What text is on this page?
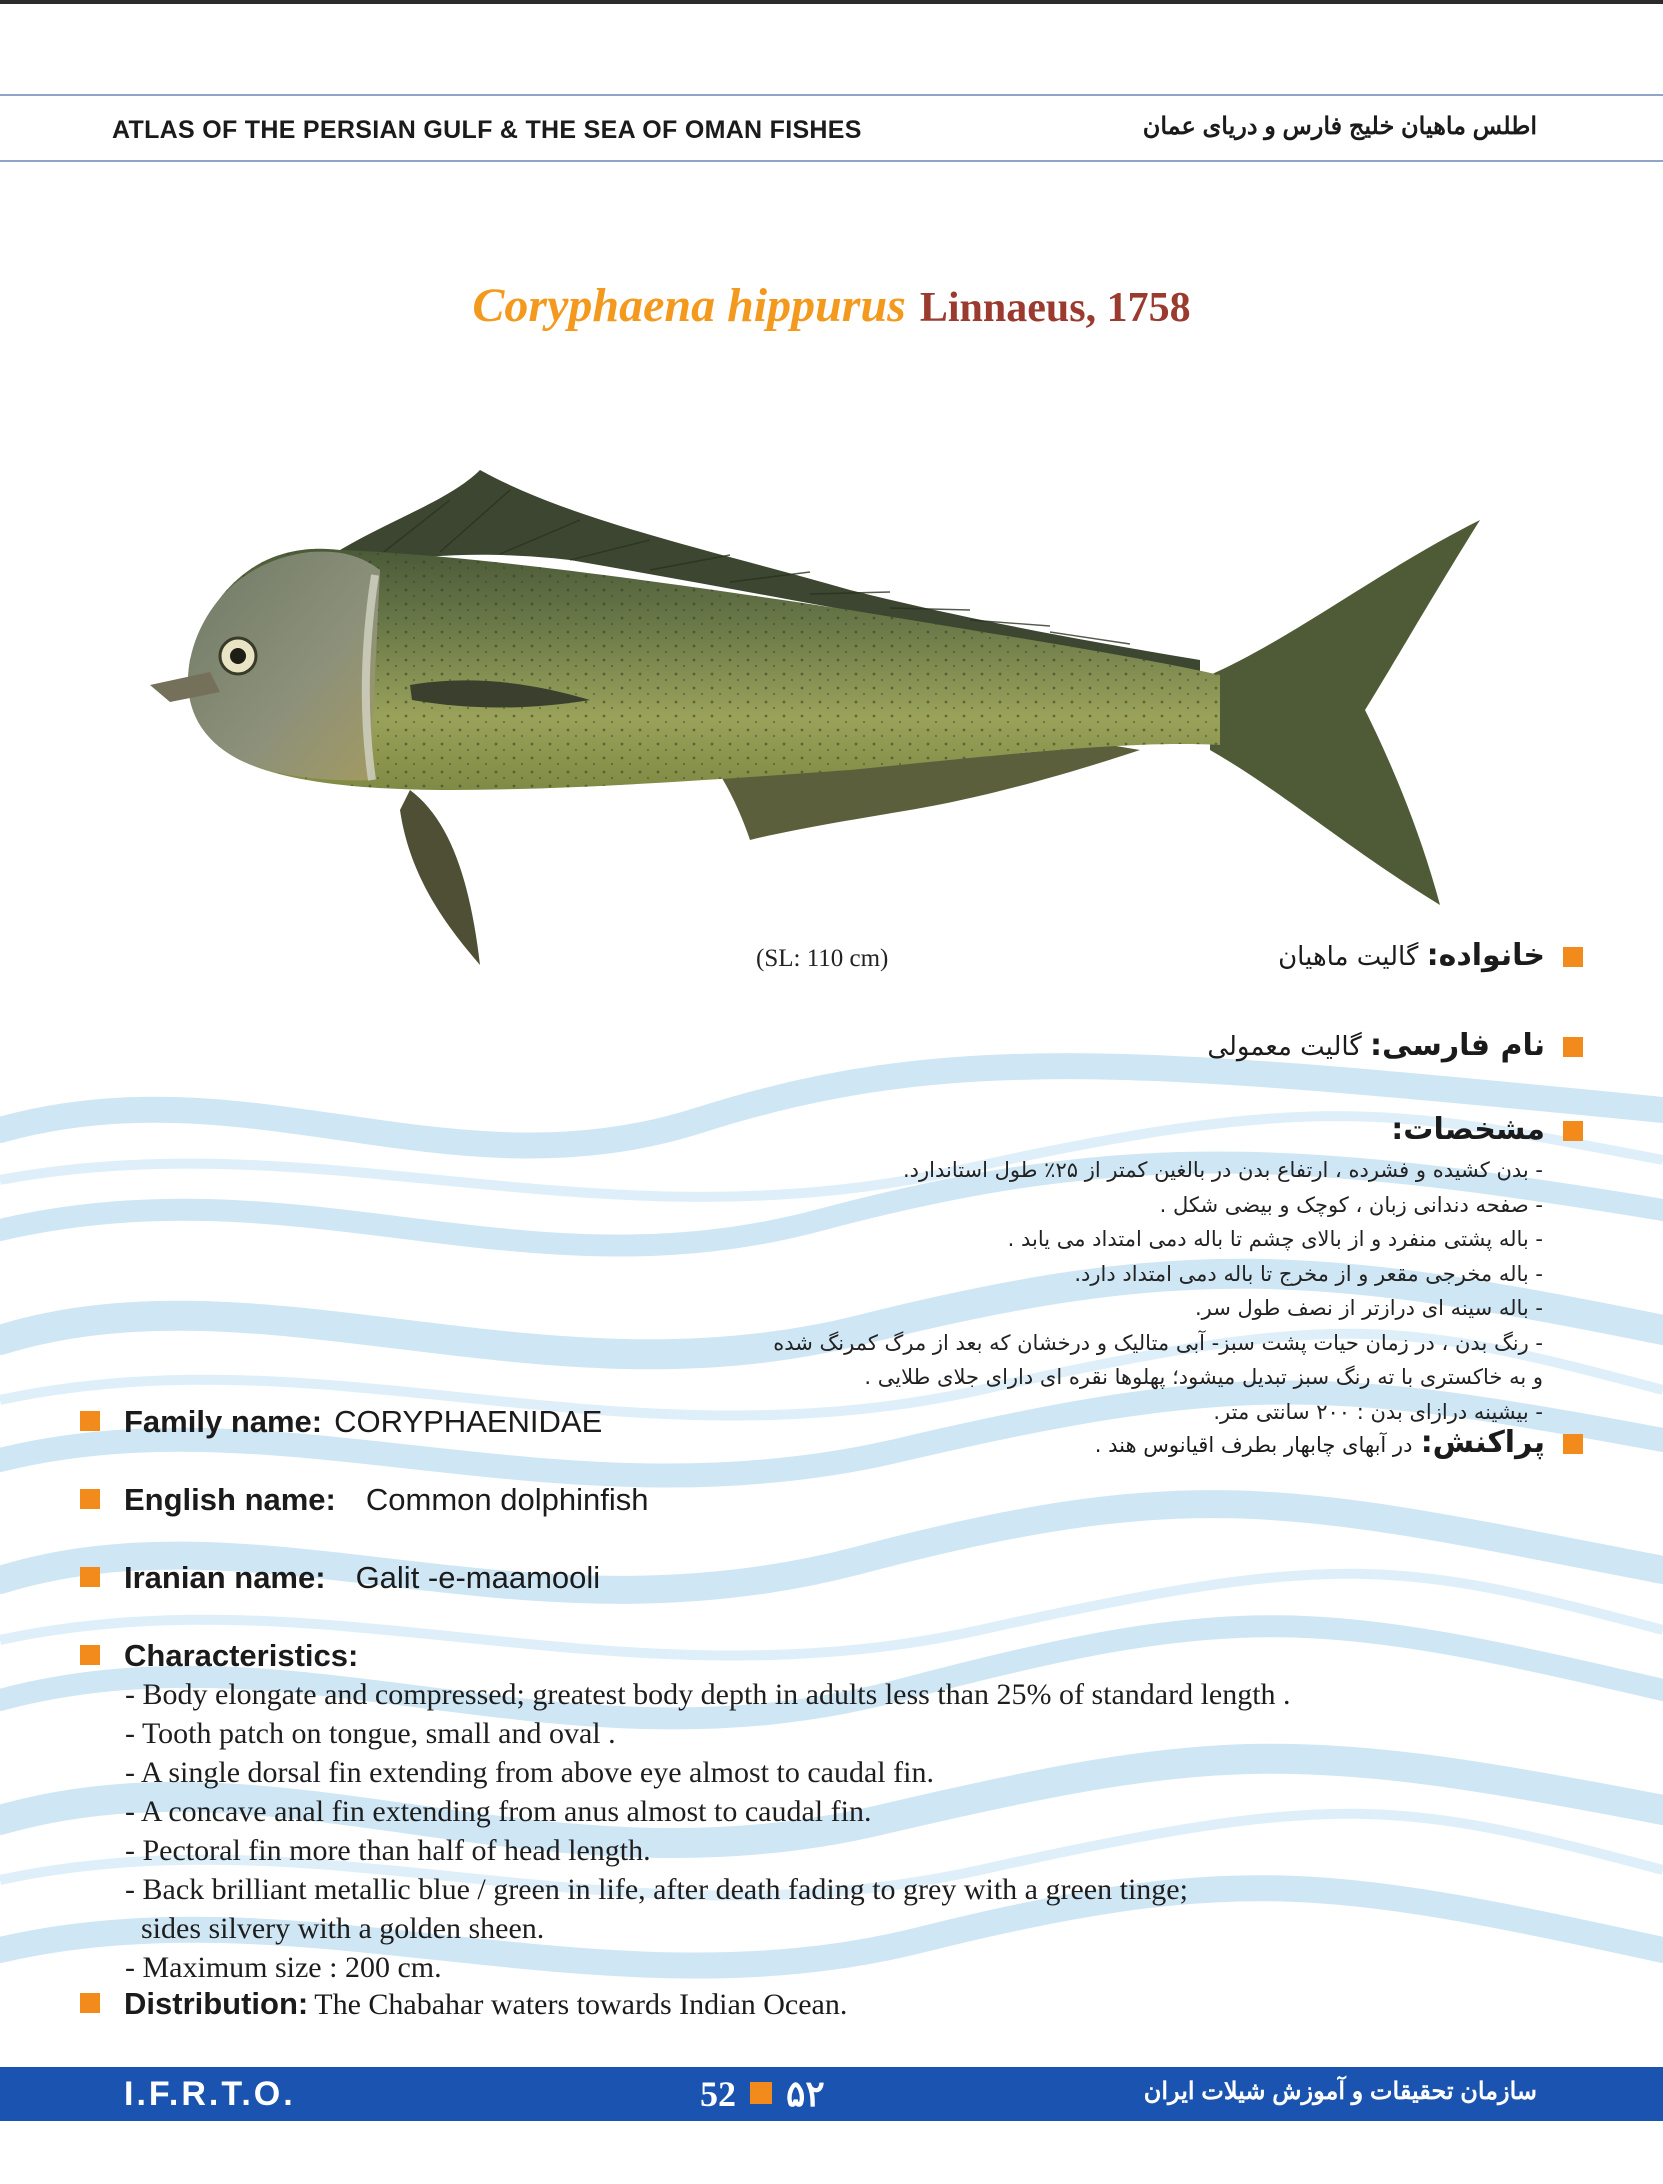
ATLAS OF THE PERSIAN GULF & THE SEA OF OMAN FISHES	اطلس ماهیان خلیج فارس و دریای عمان
Coryphaena hippurus Linnaeus, 1758
(SL: 110 cm)	خانواده: گالیت ماهیان
نام فارسی: گالیت معمولی
مشخصات:
- بدن کشیده و فشرده ، ارتفاع بدن در بالغین کمتر از ۲۵٪ طول استاندارد.
- صفحه دندانی زبان ، کوچک و بیضی شکل .
- باله پشتی منفرد و از بالای چشم تا باله دمی امتداد می یابد .
- باله مخرجی مقعر و از مخرج تا باله دمی امتداد دارد.
- باله سینه ای درازتر از نصف طول سر.
- رنگ بدن ، در زمان حیات پشت سبز- آبی متالیک و درخشان که بعد از مرگ کمرنگ شده
و به خاکستری با ته رنگ سبز تبدیل میشود؛ پهلوها نقره ای دارای جلای طلایی .
- بیشینه درازای بدن : ۲۰۰ سانتی متر.
پراکنش: در آبهای چابهار بطرف اقیانوس هند .
Family name: CORYPHAENIDAE
English name: Common dolphinfish
Iranian name: Galit -e-maamooli
Characteristics:
- Body elongate and compressed; greatest body depth in adults less than 25% of standard length .
- Tooth patch on tongue, small and oval .
- A single dorsal fin extending from above eye almost to caudal fin.
- A concave anal fin extending from anus almost to caudal fin.
- Pectoral fin more than half of head length.
- Back brilliant metallic blue / green in life, after death fading to grey with a green tinge;
sides silvery with a golden sheen.
- Maximum size : 200 cm.
Distribution: The Chabahar waters towards Indian Ocean.
I.F.R.T.O.	52 ۵۲	سازمان تحقیقات و آموزش شیلات ایران
